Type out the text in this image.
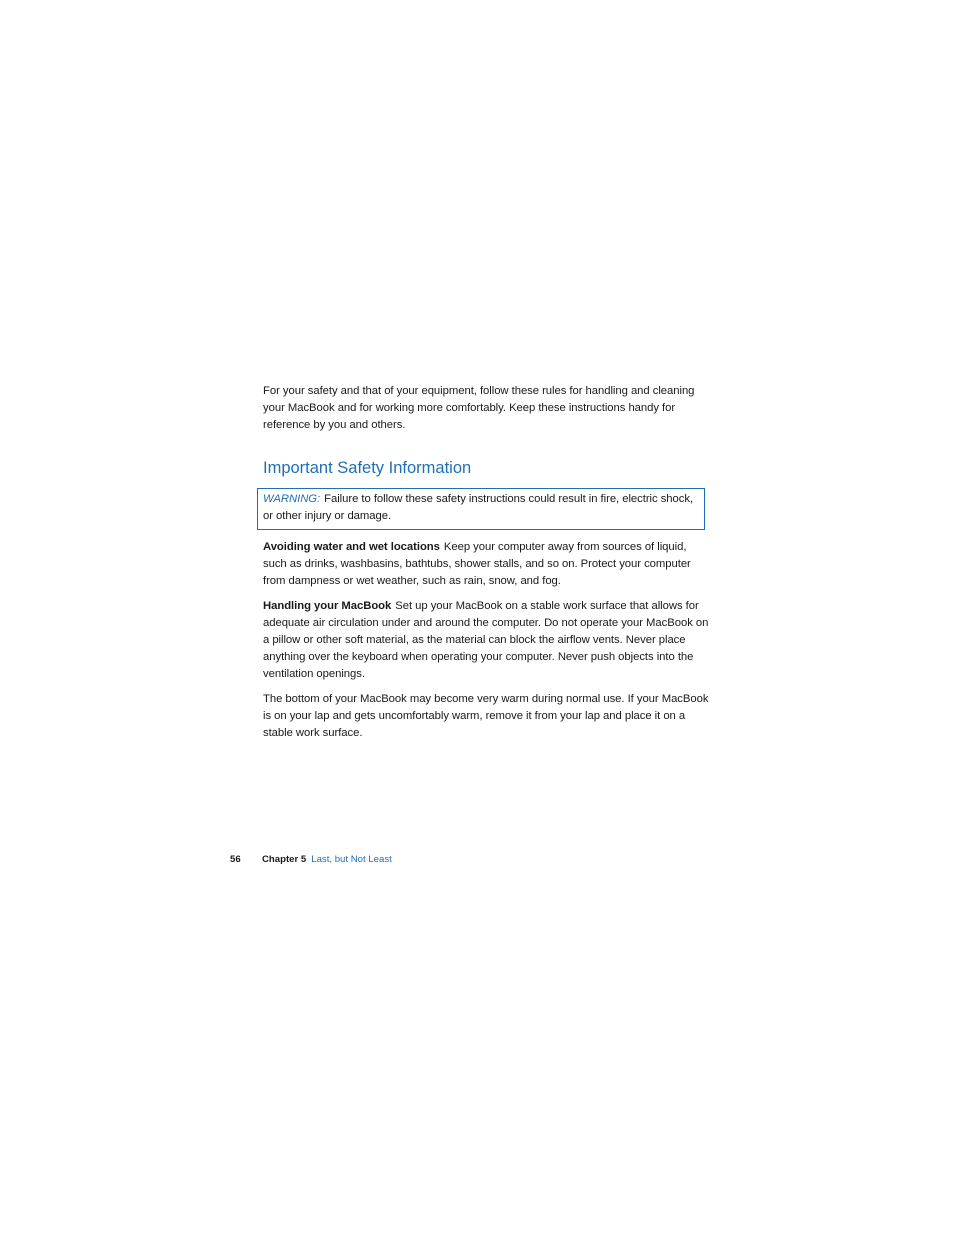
For your safety and that of your equipment, follow these rules for handling and cleaning your MacBook and for working more comfortably. Keep these instructions handy for reference by you and others.

Important Safety Information

WARNING: Failure to follow these safety instructions could result in fire, electric shock, or other injury or damage.

Avoiding water and wet locations Keep your computer away from sources of liquid, such as drinks, washbasins, bathtubs, shower stalls, and so on. Protect your computer from dampness or wet weather, such as rain, snow, and fog.

Handling your MacBook Set up your MacBook on a stable work surface that allows for adequate air circulation under and around the computer. Do not operate your MacBook on a pillow or other soft material, as the material can block the airflow vents. Never place anything over the keyboard when operating your computer. Never push objects into the ventilation openings.

The bottom of your MacBook may become very warm during normal use. If your MacBook is on your lap and gets uncomfortably warm, remove it from your lap and place it on a stable work surface.

56 Chapter 5 Last, but Not Least
